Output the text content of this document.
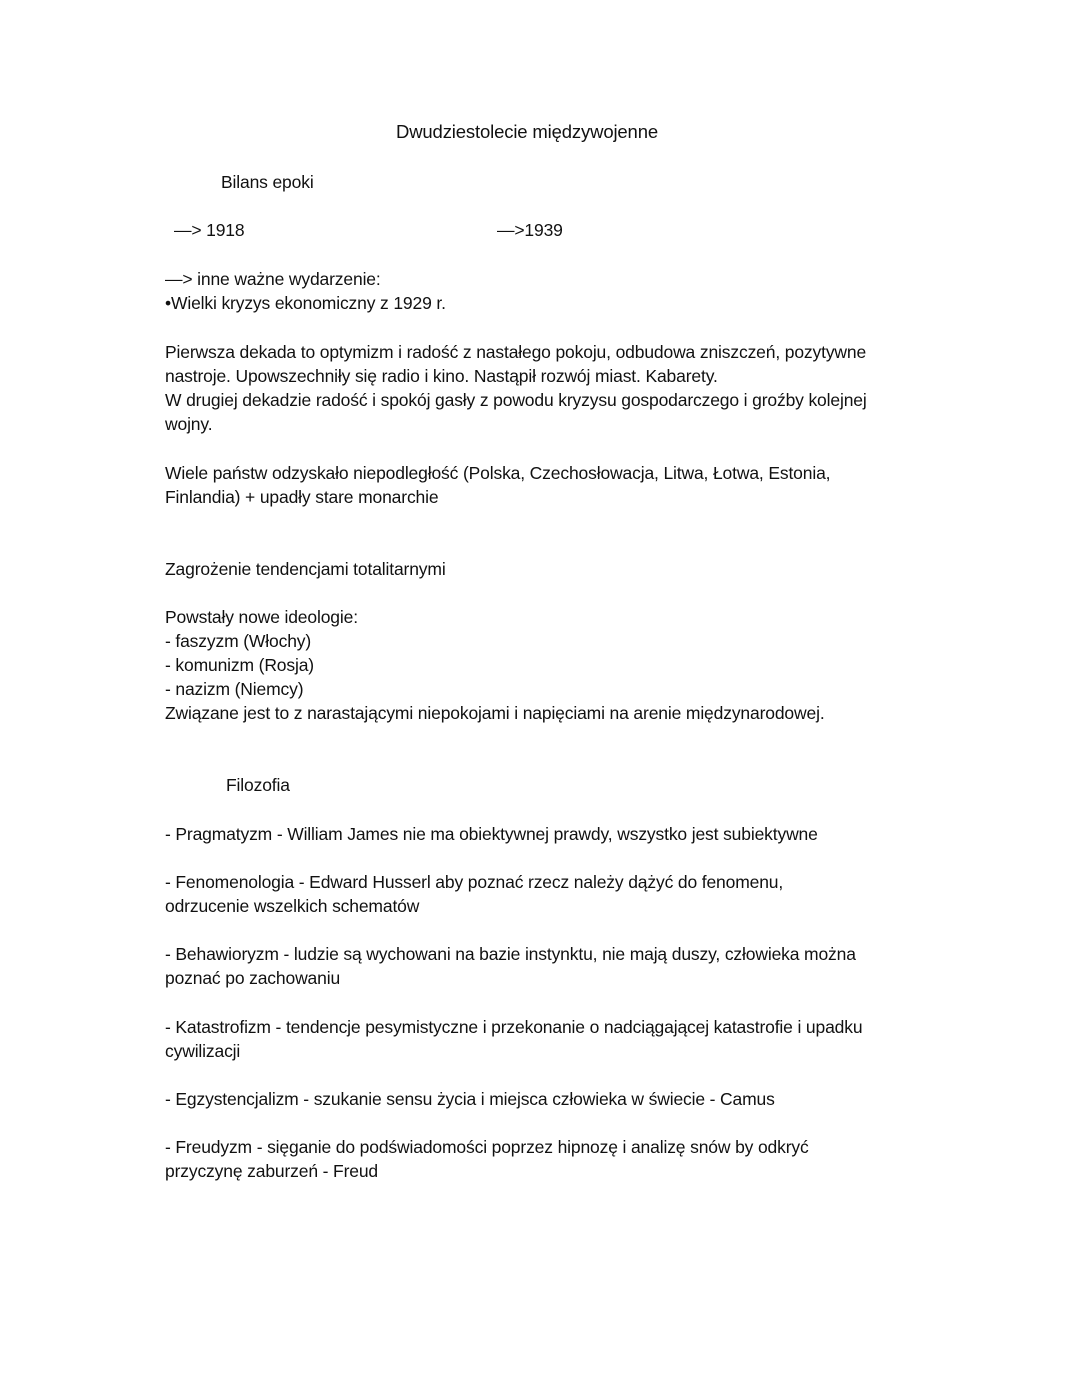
Dwudziestolecie międzywojenne
Bilans epoki
—> 1918	—>1939
—> inne ważne wydarzenie:
•Wielki kryzys ekonomiczny z 1929 r.
Pierwsza dekada to optymizm i radość z nastałego pokoju, odbudowa zniszczeń, pozytywne
nastroje. Upowszechniły się radio i kino. Nastąpił rozwój miast. Kabarety.
W drugiej dekadzie radość i spokój gasły z powodu kryzysu gospodarczego i groźby kolejnej
wojny.
Wiele państw odzyskało niepodległość (Polska, Czechosłowacja, Litwa, Łotwa, Estonia,
Finlandia) + upadły stare monarchie
Zagrożenie tendencjami totalitarnymi
Powstały nowe ideologie:
- faszyzm (Włochy)
- komunizm (Rosja)
- nazizm (Niemcy)
Związane jest to z narastającymi niepokojami i napięciami na arenie międzynarodowej.
Filozofia
- Pragmatyzm - William James nie ma obiektywnej prawdy, wszystko jest subiektywne
- Fenomenologia - Edward Husserl aby poznać rzecz należy dążyć do fenomenu,
odrzucenie wszelkich schematów
- Behawioryzm - ludzie są wychowani na bazie instynktu, nie mają duszy, człowieka można
poznać po zachowaniu
- Katastrofizm - tendencje pesymistyczne i przekonanie o nadciągającej katastrofie i upadku
cywilizacji
- Egzystencjalizm - szukanie sensu życia i miejsca człowieka w świecie - Camus
- Freudyzm - sięganie do podświadomości poprzez hipnozę i analizę snów by odkryć
przyczynę zaburzeń - Freud
